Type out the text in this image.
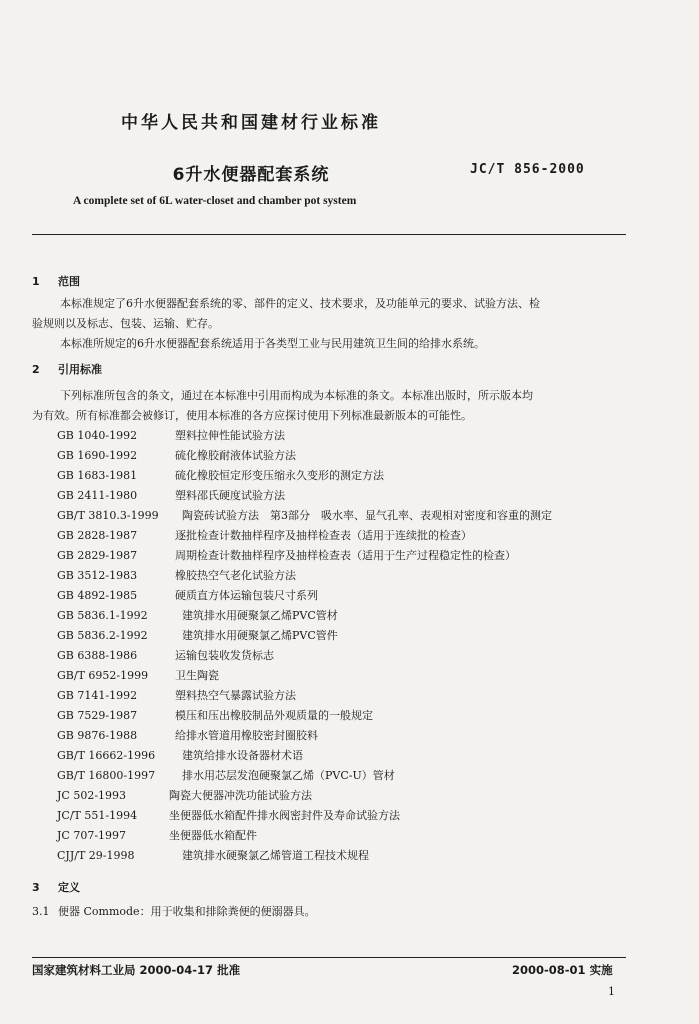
中华人民共和国建材行业标准
6升水便器配套系统	JC/T 856-2000
A complete set of 6L water-closet and chamber pot system

1 范围

本标准规定了6升水便器配套系统的零、部件的定义、技术要求，及功能单元的要求、试验方法、检

验规则以及标志、包装、运输、贮存。

本标准所规定的6升水便器配套系统适用于各类型工业与民用建筑卫生间的给排水系统。

2 引用标准

下列标准所包含的条文，通过在本标准中引用而构成为本标准的条文。本标准出版时，所示版本均

为有效。所有标准都会被修订，使用本标准的各方应探讨使用下列标准最新版本的可能性。

GB 1040-1992	塑料拉伸性能试验方法

GB 1690-1992	硫化橡胶耐液体试验方法

GB 1683-1981	硫化橡胶恒定形变压缩永久变形的测定方法

GB 2411-1980	塑料邵氏硬度试验方法

GB/T 3810.3-1999 陶瓷砖试验方法　第3部分　吸水率、显气孔率、表观相对密度和容重的测定

GB 2828-1987	逐批检查计数抽样程序及抽样检查表（适用于连续批的检查）

GB 2829-1987	周期检查计数抽样程序及抽样检查表（适用于生产过程稳定性的检查）

GB 3512-1983	橡胶热空气老化试验方法

GB 4892-1985	硬质直方体运输包装尺寸系列

GB 5836.1-1992	建筑排水用硬聚氯乙烯PVC管材

GB 5836.2-1992	建筑排水用硬聚氯乙烯PVC管件

GB 6388-1986	运输包装收发货标志

GB/T 6952-1999 卫生陶瓷

GB 7141-1992	塑料热空气暴露试验方法

GB 7529-1987	模压和压出橡胶制品外观质量的一般规定

GB 9876-1988	给排水管道用橡胶密封圈胶料

GB/T 16662-1996 建筑给排水设备器材术语

GB/T 16800-1997 排水用芯层发泡硬聚氯乙烯（PVC-U）管材

JC 502-1993	陶瓷大便器冲洗功能试验方法

JC/T 551-1994	坐便器低水箱配件排水阀密封件及寿命试验方法

JC 707-1997	坐便器低水箱配件

CJJ/T 29-1998	建筑排水硬聚氯乙烯管道工程技术规程

3 定义

3.1 便器 Commode：用于收集和排除粪便的便溺器具。

国家建筑材料工业局 2000-04-17 批准	2000-08-01 实施
1
